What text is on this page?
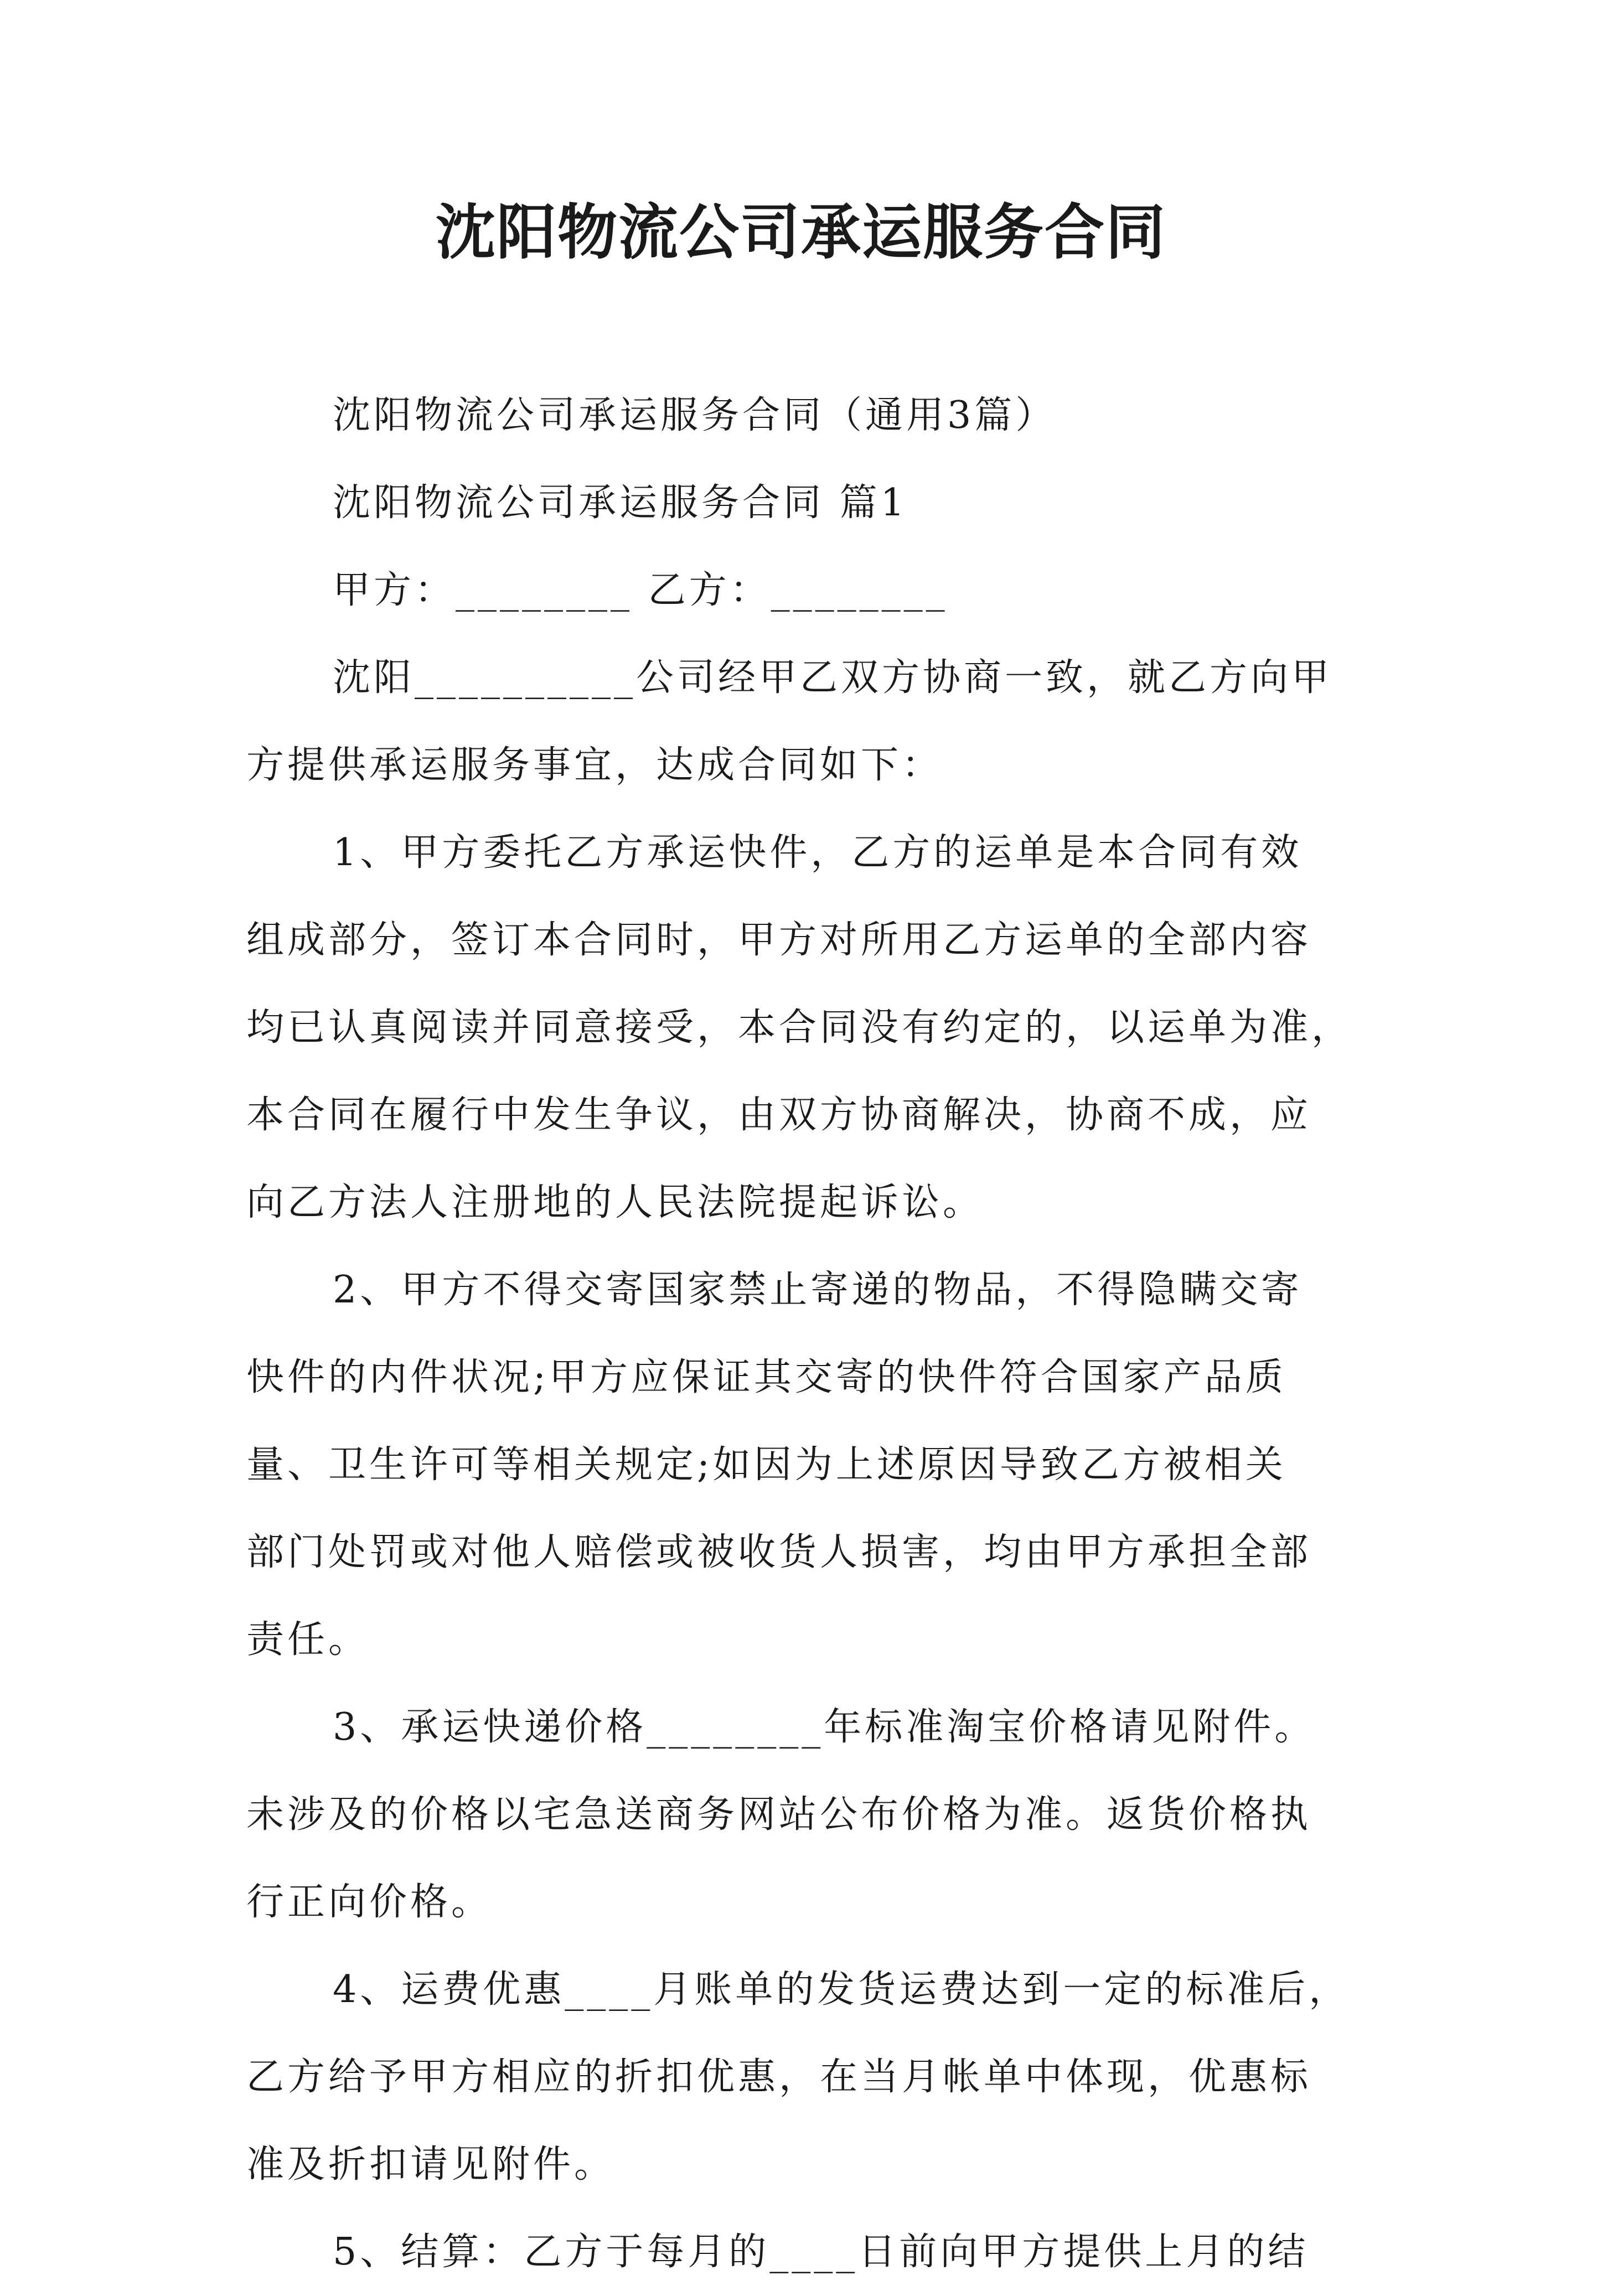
沈阳物流公司承运服务合同
沈阳物流公司承运服务合同（通用3篇）
沈阳物流公司承运服务合同 篇1
甲方：________ 乙方：________
沈阳__________公司经甲乙双方协商一致，就乙方向甲
方提供承运服务事宜，达成合同如下：
1、甲方委托乙方承运快件，乙方的运单是本合同有效
组成部分，签订本合同时，甲方对所用乙方运单的全部内容
均已认真阅读并同意接受，本合同没有约定的，以运单为准，
本合同在履行中发生争议，由双方协商解决，协商不成，应
向乙方法人注册地的人民法院提起诉讼。
2、甲方不得交寄国家禁止寄递的物品，不得隐瞒交寄
快件的内件状况;甲方应保证其交寄的快件符合国家产品质
量、卫生许可等相关规定;如因为上述原因导致乙方被相关
部门处罚或对他人赔偿或被收货人损害，均由甲方承担全部
责任。
3、承运快递价格________年标准淘宝价格请见附件。
未涉及的价格以宅急送商务网站公布价格为准。返货价格执
行正向价格。
4、运费优惠____月账单的发货运费达到一定的标准后，
乙方给予甲方相应的折扣优惠，在当月帐单中体现，优惠标
准及折扣请见附件。
5、结算：乙方于每月的____日前向甲方提供上月的结
